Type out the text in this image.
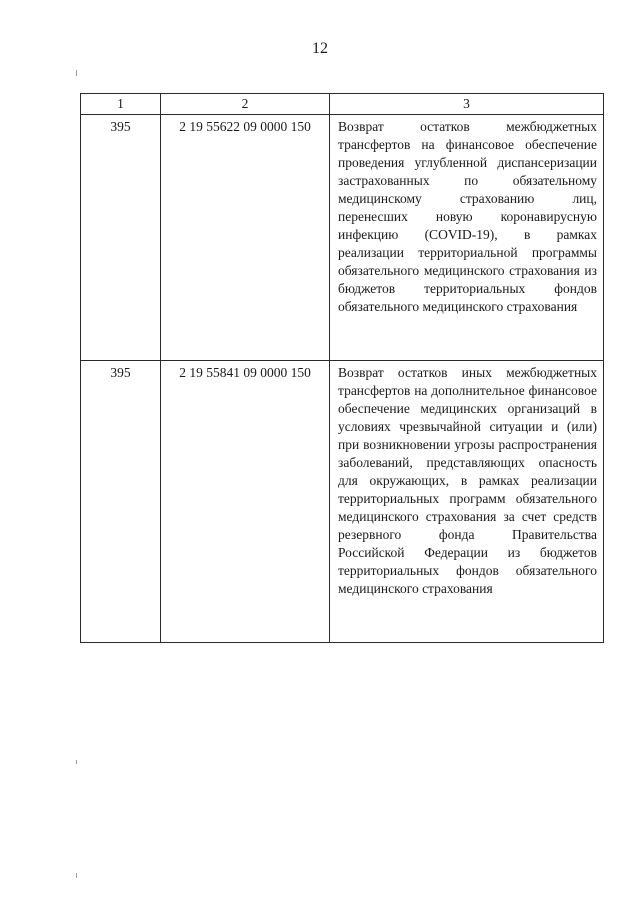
12
1	2	3
395	2 19 55622 09 0000 150	Возврат остатков межбюджетных трансфертов на финансовое обеспечение проведения углубленной диспансеризации застрахованных по обязательному медицинскому страхованию лиц, перенесших новую коронавирусную инфекцию (COVID-19), в рамках реализации территориальной программы обязательного медицинского страхования из бюджетов территориальных фондов обязательного медицинского страхования
395	2 19 55841 09 0000 150	Возврат остатков иных межбюджетных трансфертов на дополнительное финансовое обеспечение медицинских организаций в условиях чрезвычайной ситуации и (или) при возникновении угрозы распространения заболеваний, представляющих опасность для окружающих, в рамках реализации территориальных программ обязательного медицинского страхования за счет средств резервного фонда Правительства Российской Федерации из бюджетов территориальных фондов обязательного медицинского страхования
